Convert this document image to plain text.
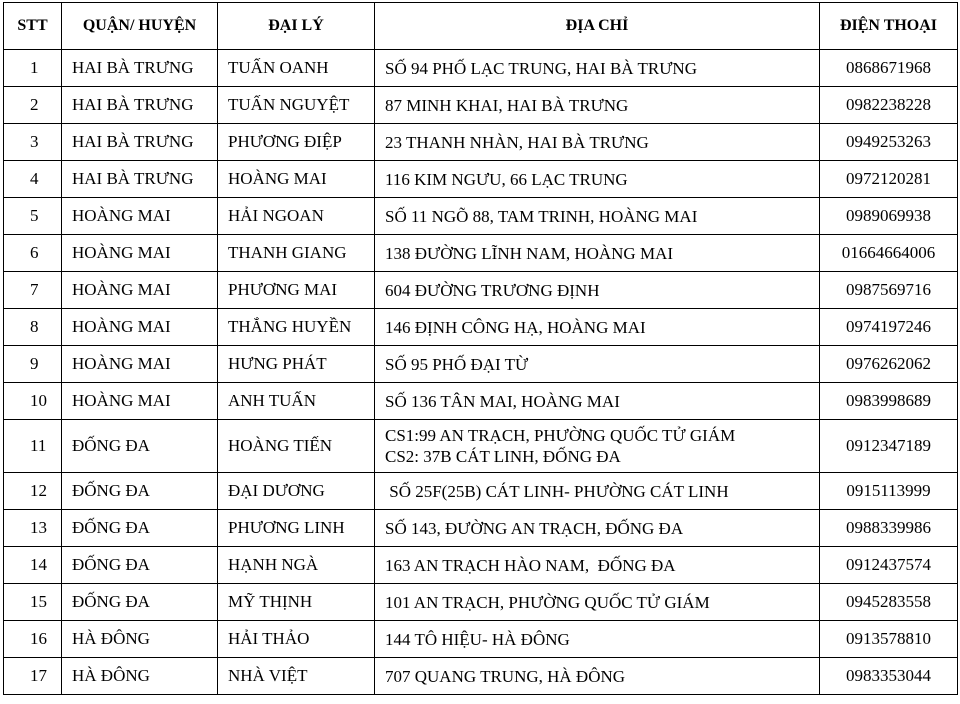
STT	QUẬN/ HUYỆN	ĐẠI LÝ	ĐỊA CHỈ	ĐIỆN THOẠI
1	HAI BÀ TRƯNG	TUẤN OANH	SỐ 94 PHỐ LẠC TRUNG, HAI BÀ TRƯNG	0868671968
2	HAI BÀ TRƯNG	TUẤN NGUYỆT	87 MINH KHAI, HAI BÀ TRƯNG	0982238228
3	HAI BÀ TRƯNG	PHƯƠNG ĐIỆP	23 THANH NHÀN, HAI BÀ TRƯNG	0949253263
4	HAI BÀ TRƯNG	HOÀNG MAI	116 KIM NGƯU, 66 LẠC TRUNG	0972120281
5	HOÀNG MAI	HẢI NGOAN	SỐ 11 NGÕ 88, TAM TRINH, HOÀNG MAI	0989069938
6	HOÀNG MAI	THANH GIANG	138 ĐƯỜNG LĨNH NAM, HOÀNG MAI	01664664006
7	HOÀNG MAI	PHƯƠNG MAI	604 ĐƯỜNG TRƯƠNG ĐỊNH	0987569716
8	HOÀNG MAI	THẮNG HUYỀN	146 ĐỊNH CÔNG HẠ, HOÀNG MAI	0974197246
9	HOÀNG MAI	HƯNG PHÁT	SỐ 95 PHỐ ĐẠI TỪ	0976262062
10	HOÀNG MAI	ANH TUẤN	SỐ 136 TÂN MAI, HOÀNG MAI	0983998689
11	ĐỐNG ĐA	HOÀNG TIẾN	CS1:99 AN TRẠCH, PHƯỜNG QUỐC TỬ GIÁM
CS2: 37B CÁT LINH, ĐỐNG ĐA	0912347189
12	ĐỐNG ĐA	ĐẠI DƯƠNG	SỐ 25F(25B) CÁT LINH- PHƯỜNG CÁT LINH	0915113999
13	ĐỐNG ĐA	PHƯƠNG LINH	SỐ 143, ĐƯỜNG AN TRẠCH, ĐỐNG ĐA	0988339986
14	ĐỐNG ĐA	HẠNH NGÀ	163 AN TRẠCH HÀO NAM,  ĐỐNG ĐA	0912437574
15	ĐỐNG ĐA	MỸ THỊNH	101 AN TRẠCH, PHƯỜNG QUỐC TỬ GIÁM	0945283558
16	HÀ ĐÔNG	HẢI THẢO	144 TÔ HIỆU- HÀ ĐÔNG	0913578810
17	HÀ ĐÔNG	NHÀ VIỆT	707 QUANG TRUNG, HÀ ĐÔNG	0983353044
